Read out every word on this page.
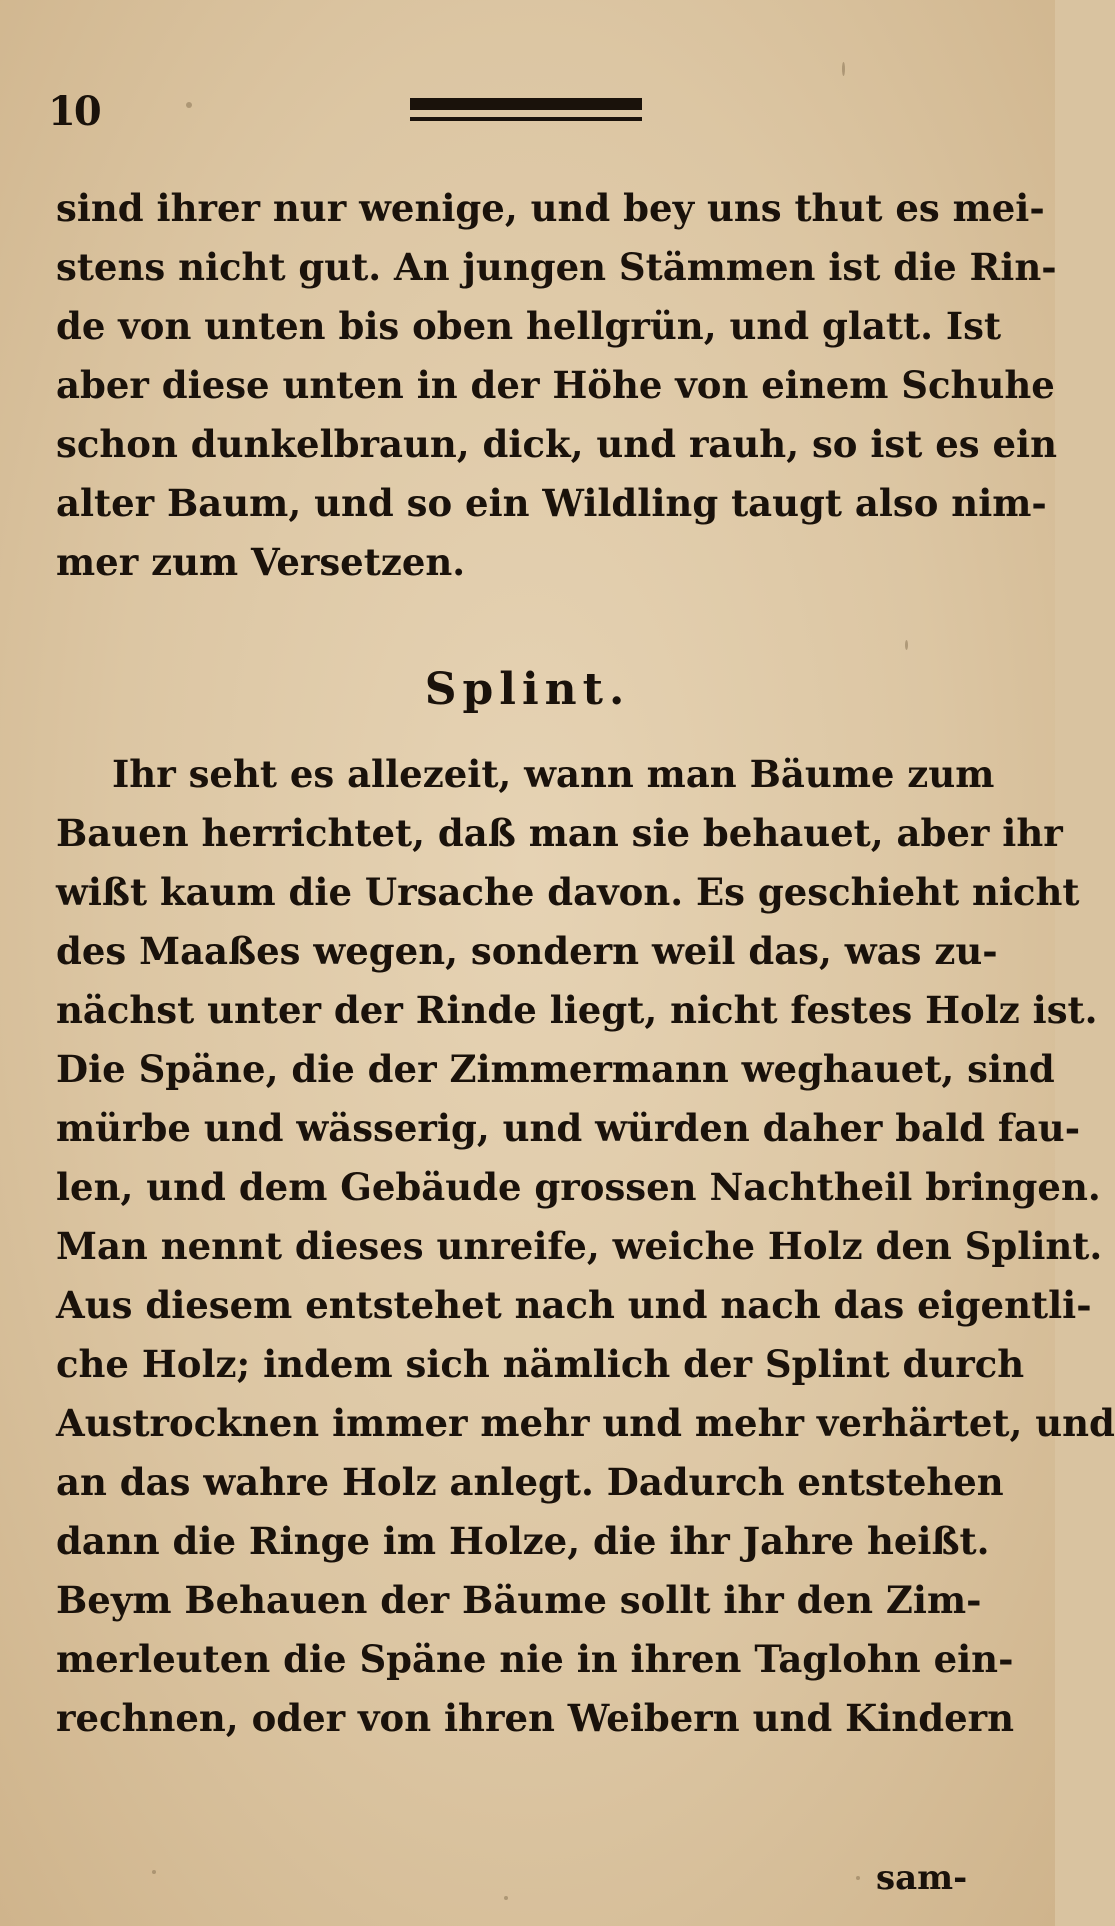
10
sind ihrer nur wenige, und bey uns thut es mei-
stens nicht gut. An jungen Stämmen ist die Rin-
de von unten bis oben hellgrün, und glatt. Ist
aber diese unten in der Höhe von einem Schuhe
schon dunkelbraun, dick, und rauh, so ist es ein
alter Baum, und so ein Wildling taugt also nim-
mer zum Versetzen.
Splint.
Ihr seht es allezeit, wann man Bäume zum
Bauen herrichtet, daß man sie behauet, aber ihr
wißt kaum die Ursache davon. Es geschieht nicht
des Maaßes wegen, sondern weil das, was zu-
nächst unter der Rinde liegt, nicht festes Holz ist.
Die Späne, die der Zimmermann weghauet, sind
mürbe und wässerig, und würden daher bald fau-
len, und dem Gebäude grossen Nachtheil bringen.
Man nennt dieses unreife, weiche Holz den Splint.
Aus diesem entstehet nach und nach das eigentli-
che Holz; indem sich nämlich der Splint durch
Austrocknen immer mehr und mehr verhärtet, und
an das wahre Holz anlegt. Dadurch entstehen
dann die Ringe im Holze, die ihr Jahre heißt.
Beym Behauen der Bäume sollt ihr den Zim-
merleuten die Späne nie in ihren Taglohn ein-
rechnen, oder von ihren Weibern und Kindern
sam-
